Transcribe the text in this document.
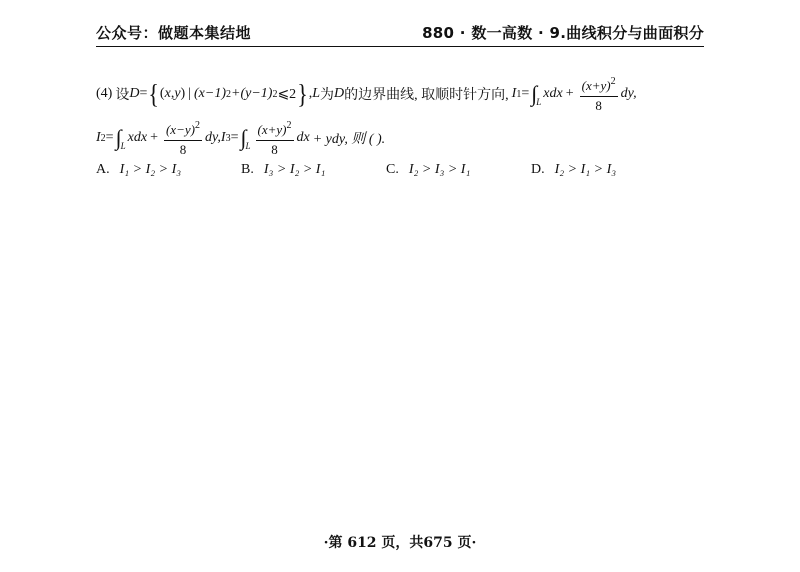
公众号：做题本集结地	880 · 数一高数 · 9.曲线积分与曲面积分
(4) 设 D = { (x,y) | (x−1) 2 +(y−1) 2 ⩽2 } , L 为 D 的边界曲线, 取顺时针方向, I 1 = ∫ L
xdx + $\frac{(x+y)^2}{8}$ dy,
I 2 = ∫ L
xdx + $\frac{(x-y)^2}{8}$ dy, I 3 = ∫ L $\frac{(x+y)^2}{8}$ dx + ydy, 则 ( ).
A. I₁ > I₂ > I₃	B. I₃ > I₂ > I₁	C. I₂ > I₃ > I₁	D. I₂ > I₁ > I₃
·第 612 页，共675 页·
